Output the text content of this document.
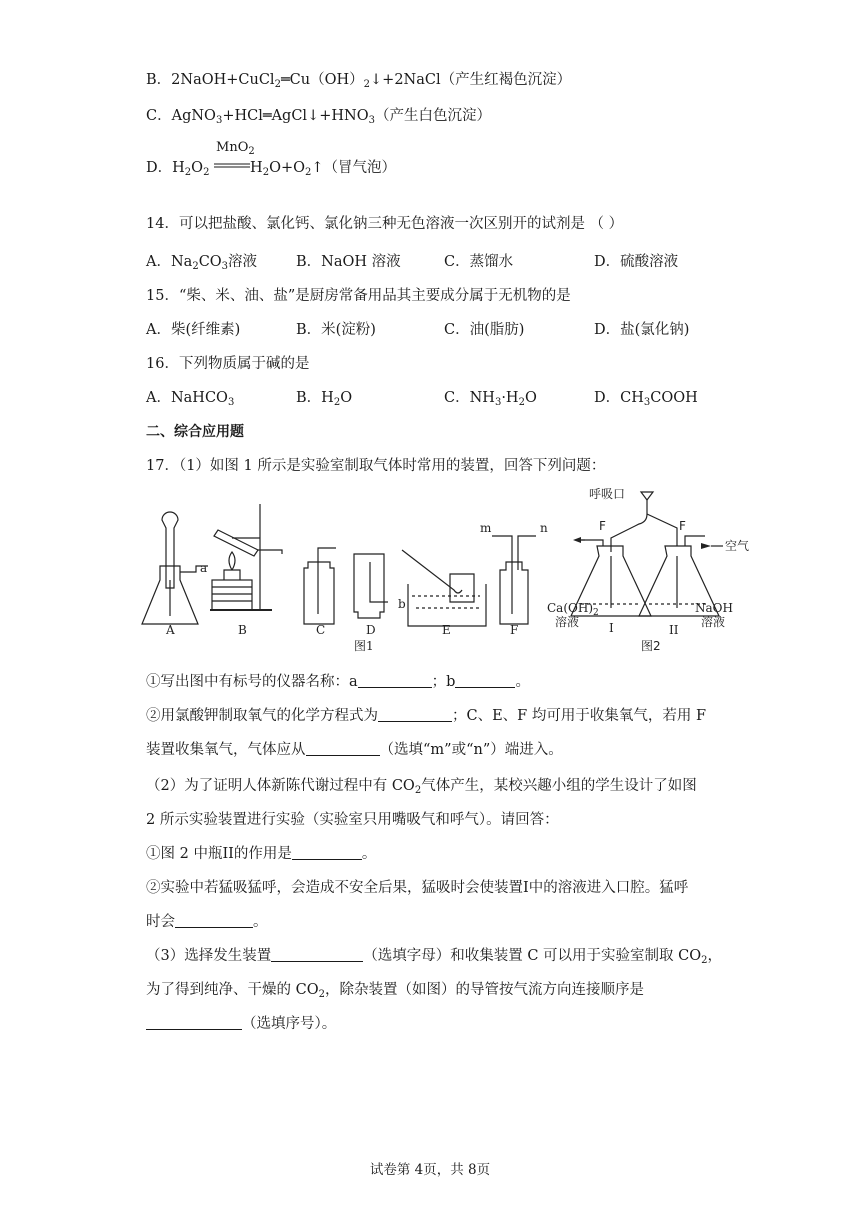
B．$2NaOH+CuCl_2═Cu(OH)_2↓+2NaCl$（产生红褐色沉淀）
C．$AgNO_3+HCl═AgCl↓+HNO_3$（产生白色沉淀）
D．$H_2O_2$
MnO$_2$
$H_2O+O_2↑$（冒气泡）
14．可以把盐酸、氯化钙、氯化钠三种无色溶液一次区别开的试剂是 （ ）
A．$Na_2CO_3$溶液	B．NaOH 溶液	C．蒸馏水	D．硫酸溶液
15．“柴、米、油、盐”是厨房常备用品其主要成分属于无机物的是
A．柴(纤维素)	B．米(淀粉)	C．油(脂肪)	D．盐(氯化钠)
16．下列物质属于碱的是
A．NaHCO$_3$	B．$H_2O$	C．$NH_3\cdot H_2O$	D．$CH_3COOH$
二、综合应用题
17．（1）如图 1 所示是实验室制取气体时常用的装置，回答下列问题：
a
b
m	n
A	B	C	D	E	F
图1
呼吸口
F	F
空气
$Ca(OH)_2$
溶液
NaOH
溶液
I	II
图2
①写出图中有标号的仪器名称：a	；b	。
②用氯酸钾制取氧气的化学方程式为	；C、E、F 均可用于收集氧气，若用 F
装置收集氧气，气体应从	（选填“m”或“n”）端进入。
（2）为了证明人体新陈代谢过程中有 $CO_2$气体产生，某校兴趣小组的学生设计了如图
2 所示实验装置进行实验（实验室只用嘴吸气和呼气）。请回答：
①图 2 中瓶II的作用是	。
②实验中若猛吸猛呼，会造成不安全后果，猛吸时会使装置I中的溶液进入口腔。猛呼
时会	。
（3）选择发生装置	（选填字母）和收集装置 C 可以用于实验室制取 $CO_2$，
为了得到纯净、干燥的 $CO_2$，除杂装置（如图）的导管按气流方向连接顺序是
（选填序号）。
试卷第 4页，共 8页
